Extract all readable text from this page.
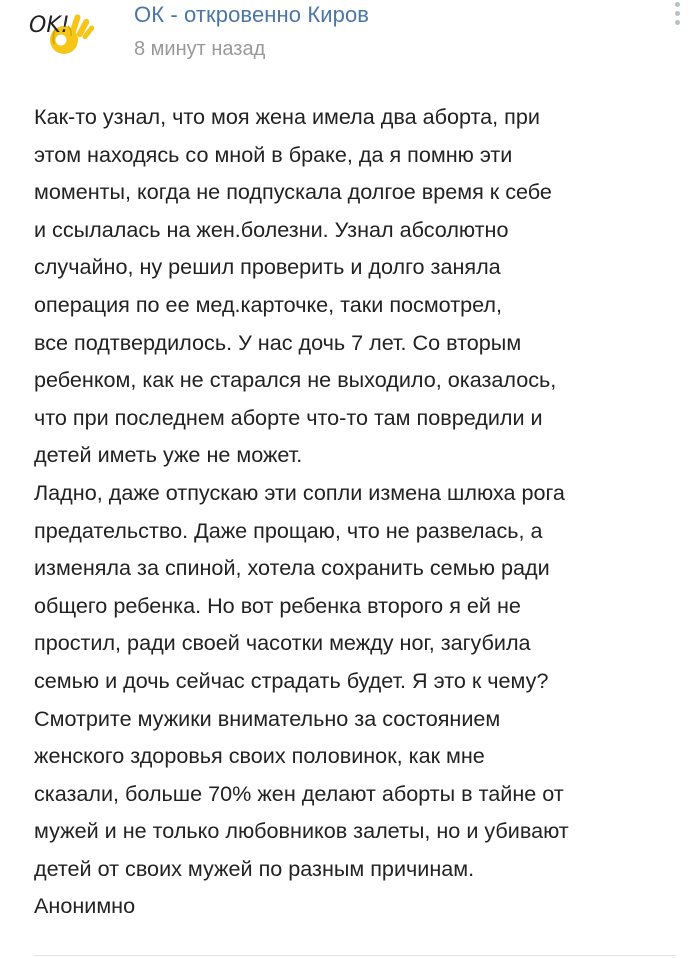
OK!	ОК - откровенно Киров
8 минут назад

Как-то узнал, что моя жена имела два аборта, при
этом находясь со мной в браке, да я помню эти
моменты, когда не подпускала долгое время к себе
и ссылалась на жен.болезни. Узнал абсолютно
случайно, ну решил проверить и долго заняла
операция по ее мед.карточке, таки посмотрел,
все подтвердилось. У нас дочь 7 лет. Со вторым
ребенком, как не старался не выходило, оказалось,
что при последнем аборте что-то там повредили и
детей иметь уже не может.

Ладно, даже отпускаю эти сопли измена шлюха рога
предательство. Даже прощаю, что не развелась, а
изменяла за спиной, хотела сохранить семью ради
общего ребенка. Но вот ребенка второго я ей не
простил, ради своей часотки между ног, загубила
семью и дочь сейчас страдать будет. Я это к чему?
Смотрите мужики внимательно за состоянием
женского здоровья своих половинок, как мне
сказали, больше 70% жен делают аборты в тайне от
мужей и не только любовников залеты, но и убивают
детей от своих мужей по разным причинам.
Анонимно
